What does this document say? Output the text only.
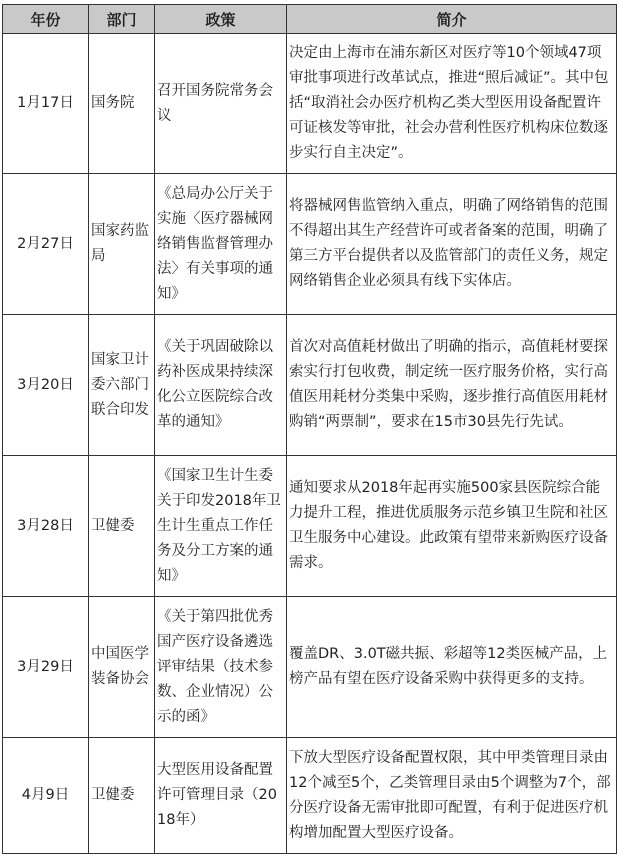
年份	部门	政策	简介
1月17日	国务院	召开国务院常务会议	决定由上海市在浦东新区对医疗等10个领域47项审批事项进行改革试点，推进“照后减证”。其中包括“取消社会办医疗机构乙类大型医用设备配置许可证核发等审批，社会办营利性医疗机构床位数逐步实行自主决定”。
2月27日	国家药监局	《总局办公厅关于实施〈医疗器械网络销售监督管理办法〉有关事项的通知》	将器械网售监管纳入重点，明确了网络销售的范围不得超出其生产经营许可或者备案的范围，明确了第三方平台提供者以及监管部门的责任义务，规定网络销售企业必须具有线下实体店。
3月20日	国家卫计委六部门联合印发	《关于巩固破除以药补医成果持续深化公立医院综合改革的通知》	首次对高值耗材做出了明确的指示，高值耗材要探索实行打包收费，制定统一医疗服务价格，实行高值医用耗材分类集中采购，逐步推行高值医用耗材购销“两票制”，要求在15市30县先行先试。
3月28日	卫健委	《国家卫生计生委关于印发2018年卫生计生重点工作任务及分工方案的通知》	通知要求从2018年起再实施500家县医院综合能力提升工程，推进优质服务示范乡镇卫生院和社区卫生服务中心建设。此政策有望带来新购医疗设备需求。
3月29日	中国医学装备协会	《关于第四批优秀国产医疗设备遴选评审结果（技术参数、企业情况）公示的函》	覆盖DR、3.0T磁共振、彩超等12类医械产品，上榜产品有望在医疗设备采购中获得更多的支持。
4月9日	卫健委	大型医用设备配置许可管理目录（2018年）	下放大型医疗设备配置权限，其中甲类管理目录由12个减至5个，乙类管理目录由5个调整为7个，部分医疗设备无需审批即可配置，有利于促进医疗机构增加配置大型医疗设备。
